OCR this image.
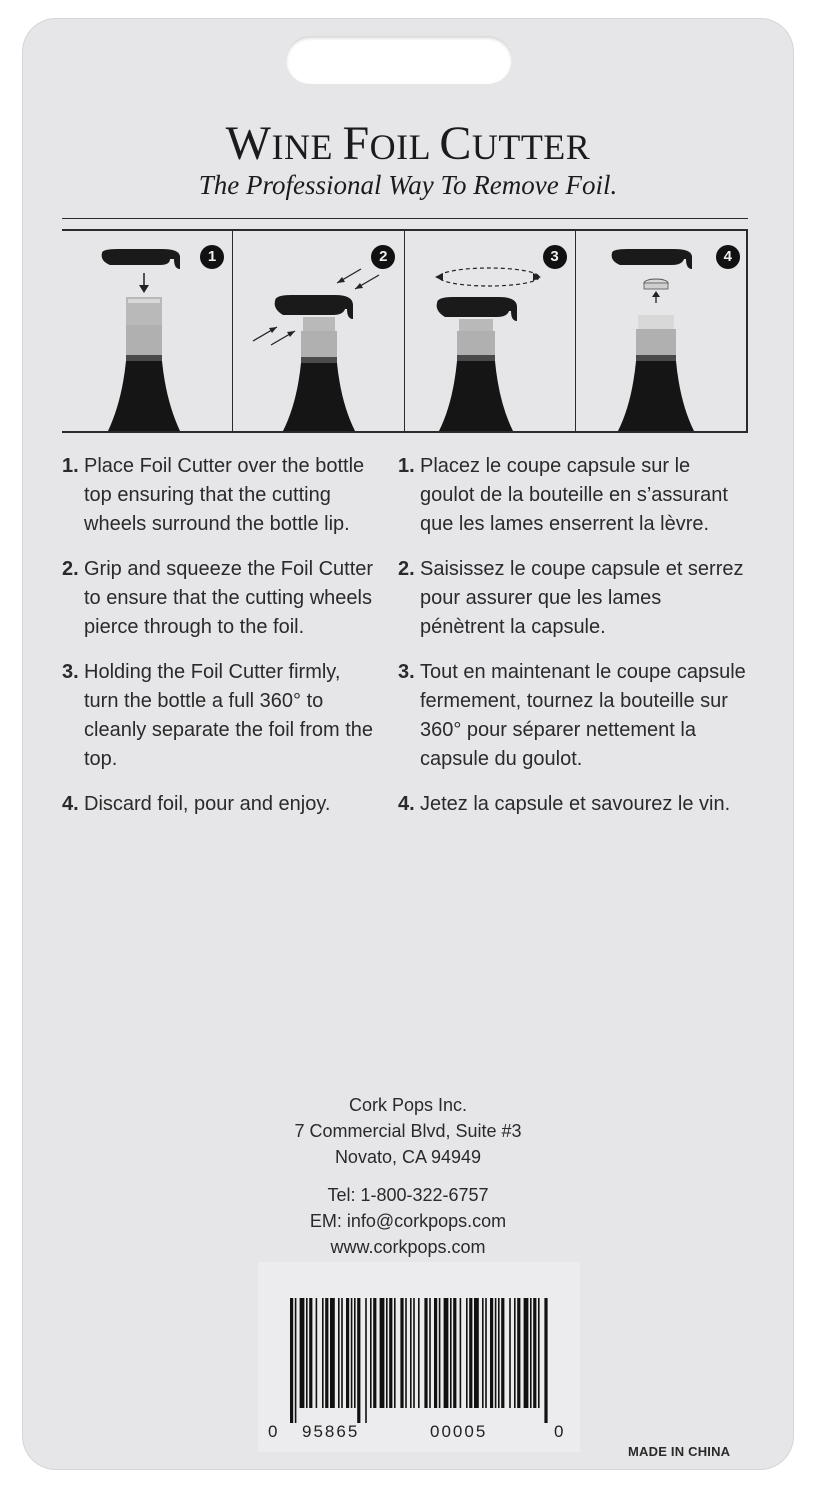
WINE FOIL CUTTER
The Professional Way To Remove Foil.
1	2	3	4
1. Place Foil Cutter over the bottle top ensuring that the cutting wheels surround the bottle lip.
2. Grip and squeeze the Foil Cutter to ensure that the cutting wheels pierce through to the foil.
3. Holding the Foil Cutter firmly, turn the bottle a full 360° to cleanly separate the foil from the top.
4. Discard foil, pour and enjoy.
1. Placez le coupe capsule sur le goulot de la bouteille en s’assurant que les lames enserrent la lèvre.
2. Saisissez le coupe capsule et serrez pour assurer que les lames pénètrent la capsule.
3. Tout en maintenant le coupe capsule fermement, tournez la bouteille sur 360° pour séparer nettement la capsule du goulot.
4. Jetez la capsule et savourez le vin.
Cork Pops Inc.
7 Commercial Blvd, Suite #3
Novato, CA 94949
Tel: 1-800-322-6757
EM: info@corkpops.com
www.corkpops.com
0 95865	00005	0
MADE IN CHINA
